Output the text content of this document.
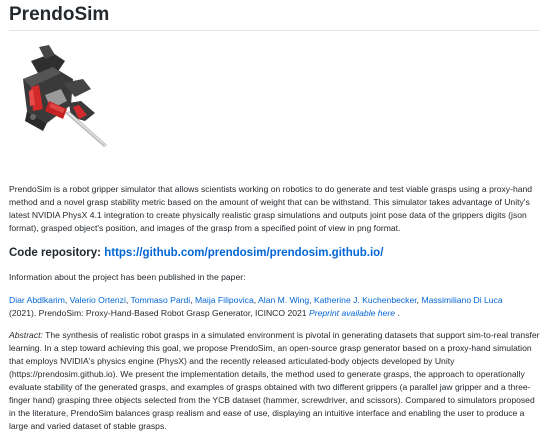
PrendoSim

PrendoSim is a robot gripper simulator that allows scientists working on robotics to do generate and test viable grasps using a proxy-hand method and a novel grasp stability metric based on the amount of weight that can be withstand. This simulator takes advantage of Unity's latest NVIDIA PhysX 4.1 integration to create physically realistic grasp simulations and outputs joint pose data of the grippers digits (json format), grasped object's position, and images of the grasp from a specified point of view in png format.

Code repository: https://github.com/prendosim/prendosim.github.io/

Information about the project has been published in the paper:

Diar Abdlkarim, Valerio Ortenzi, Tommaso Pardi, Maija Filipovica, Alan M. Wing, Katherine J. Kuchenbecker, Massimiliano Di Luca
(2021). PrendoSim: Proxy-Hand-Based Robot Grasp Generator, ICINCO 2021 Preprint available here .

Abstract: The synthesis of realistic robot grasps in a simulated environment is pivotal in generating datasets that support sim-to-real transfer learning. In a step toward achieving this goal, we propose PrendoSim, an open-source grasp generator based on a proxy-hand simulation that employs NVIDIA's physics engine (PhysX) and the recently released articulated-body objects developed by Unity (https://prendosim.github.io). We present the implementation details, the method used to generate grasps, the approach to operationally evaluate stability of the generated grasps, and examples of grasps obtained with two different grippers (a parallel jaw gripper and a three-finger hand) grasping three objects selected from the YCB dataset (hammer, screwdriver, and scissors). Compared to simulators proposed in the literature, PrendoSim balances grasp realism and ease of use, displaying an intuitive interface and enabling the user to produce a large and varied dataset of stable grasps.
